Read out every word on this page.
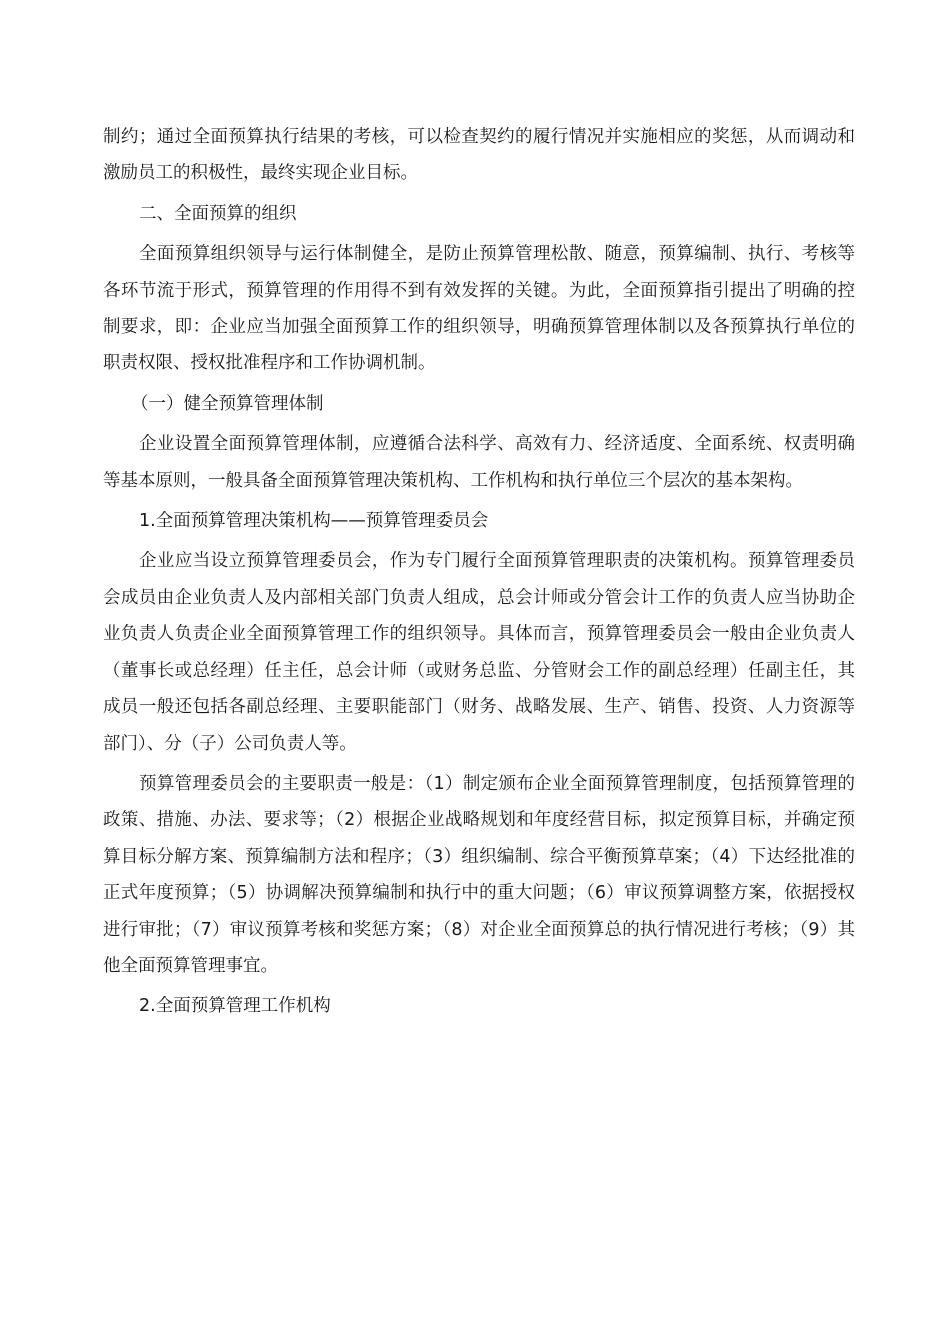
制约；通过全面预算执行结果的考核，可以检查契约的履行情况并实施相应的奖惩，从而调动和激励员工的积极性，最终实现企业目标。

二、全面预算的组织

全面预算组织领导与运行体制健全，是防止预算管理松散、随意，预算编制、执行、考核等各环节流于形式，预算管理的作用得不到有效发挥的关键。为此，全面预算指引提出了明确的控制要求，即：企业应当加强全面预算工作的组织领导，明确预算管理体制以及各预算执行单位的职责权限、授权批准程序和工作协调机制。

（一）健全预算管理体制

企业设置全面预算管理体制，应遵循合法科学、高效有力、经济适度、全面系统、权责明确等基本原则，一般具备全面预算管理决策机构、工作机构和执行单位三个层次的基本架构。

1.全面预算管理决策机构——预算管理委员会

企业应当设立预算管理委员会，作为专门履行全面预算管理职责的决策机构。预算管理委员会成员由企业负责人及内部相关部门负责人组成，总会计师或分管会计工作的负责人应当协助企业负责人负责企业全面预算管理工作的组织领导。具体而言，预算管理委员会一般由企业负责人（董事长或总经理）任主任，总会计师（或财务总监、分管财会工作的副总经理）任副主任，其成员一般还包括各副总经理、主要职能部门（财务、战略发展、生产、销售、投资、人力资源等部门）、分（子）公司负责人等。

预算管理委员会的主要职责一般是：（1）制定颁布企业全面预算管理制度，包括预算管理的政策、措施、办法、要求等；（2）根据企业战略规划和年度经营目标，拟定预算目标，并确定预算目标分解方案、预算编制方法和程序；（3）组织编制、综合平衡预算草案；（4）下达经批准的正式年度预算；（5）协调解决预算编制和执行中的重大问题；（6）审议预算调整方案，依据授权进行审批；（7）审议预算考核和奖惩方案；（8）对企业全面预算总的执行情况进行考核；（9）其他全面预算管理事宜。

2.全面预算管理工作机构
